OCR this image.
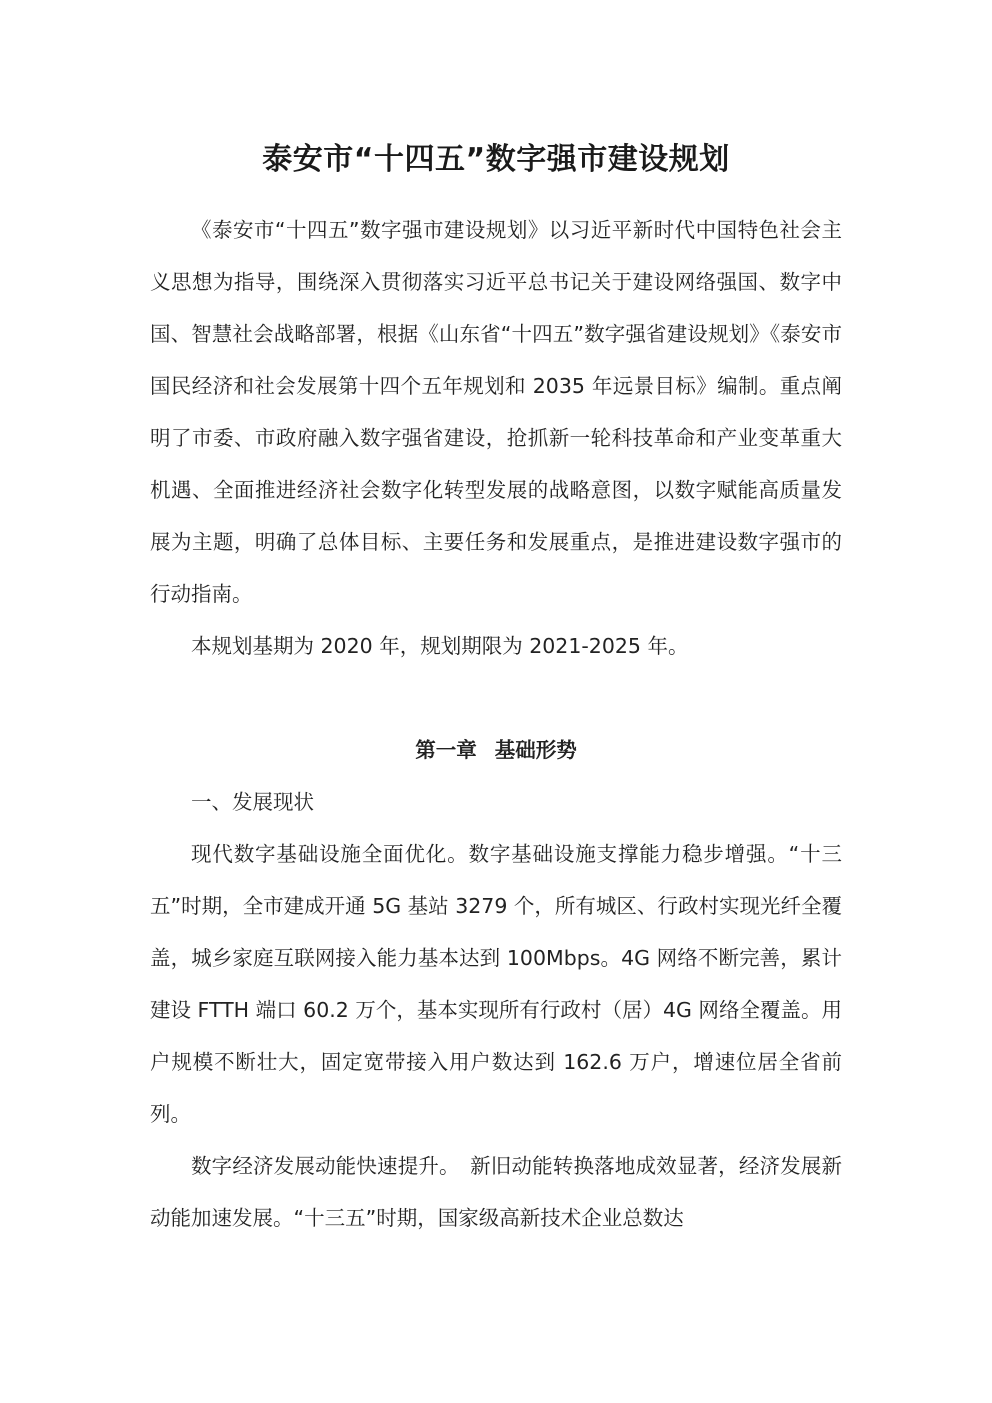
泰安市“十四五”数字强市建设规划

《泰安市“十四五”数字强市建设规划》以习近平新时代中国特色社会主义思想为指导，围绕深入贯彻落实习近平总书记关于建设网络强国、数字中国、智慧社会战略部署，根据《山东省“十四五”数字强省建设规划》《泰安市国民经济和社会发展第十四个五年规划和 2035 年远景目标》编制。重点阐明了市委、市政府融入数字强省建设，抢抓新一轮科技革命和产业变革重大机遇、全面推进经济社会数字化转型发展的战略意图，以数字赋能高质量发展为主题，明确了总体目标、主要任务和发展重点，是推进建设数字强市的行动指南。

本规划基期为 2020 年，规划期限为 2021-2025 年。

第一章 基础形势

一、发展现状

现代数字基础设施全面优化。数字基础设施支撑能力稳步增强。“十三五”时期，全市建成开通 5G 基站 3279 个，所有城区、行政村实现光纤全覆盖，城乡家庭互联网接入能力基本达到 100Mbps。4G 网络不断完善，累计建设 FTTH 端口 60.2 万个，基本实现所有行政村（居）4G 网络全覆盖。用户规模不断壮大，固定宽带接入用户数达到 162.6 万户，增速位居全省前列。

数字经济发展动能快速提升。　新旧动能转换落地成效显著，经济发展新动能加速发展。“十三五”时期，国家级高新技术企业总数达
